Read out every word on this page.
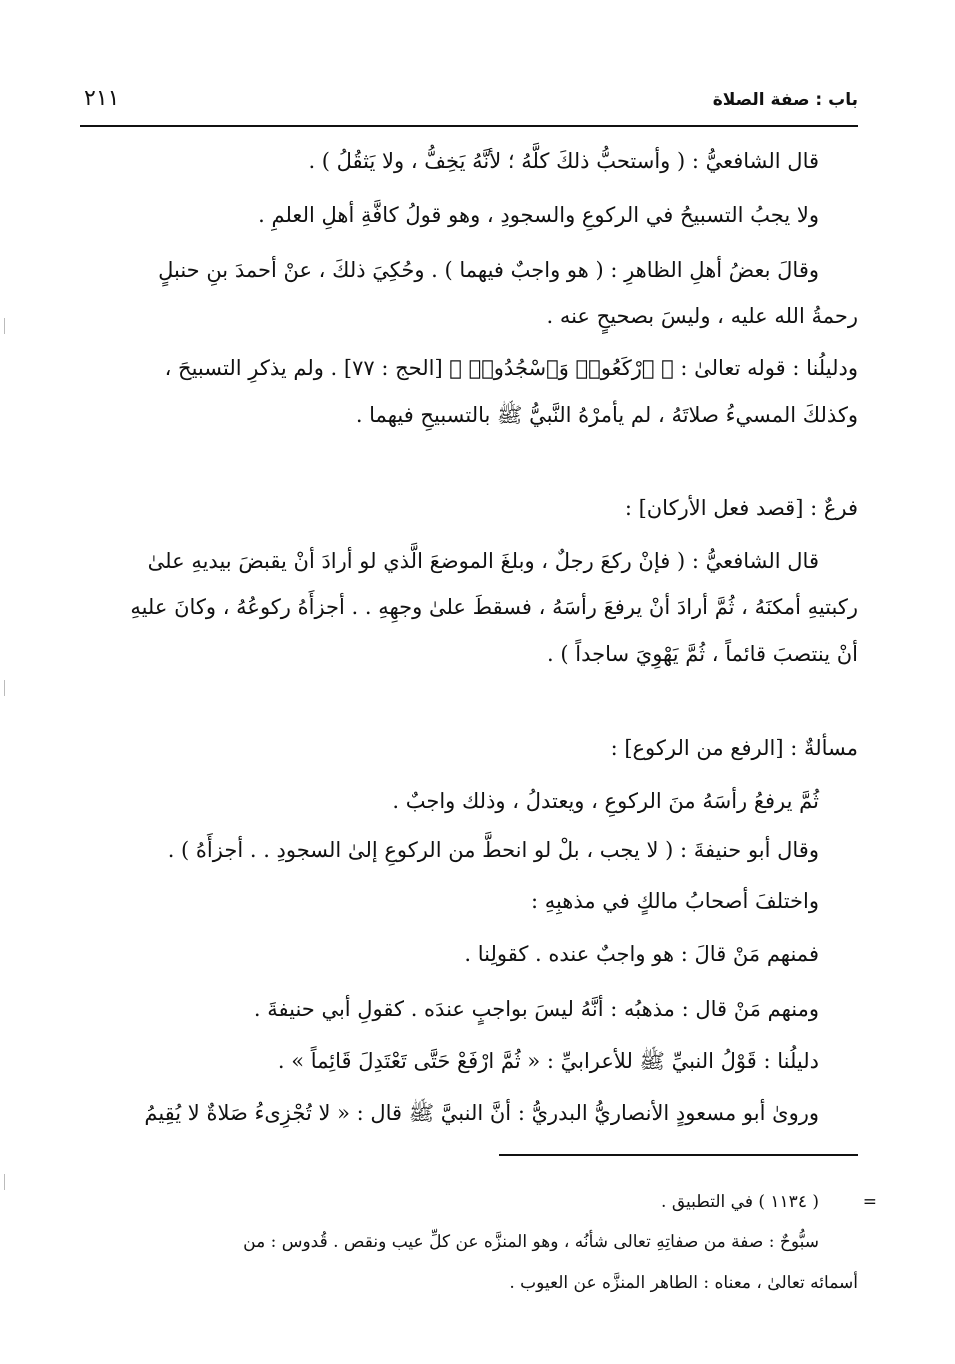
باب : صفة الصلاة
٢١١
قال الشافعيُّ : ( وأستحبُّ ذلكَ كلَّهُ ؛ لأنَّهُ يَخِفُّ ، ولا يَثقُلُ ) .
ولا يجبُ التسبيحُ في الركوعِ والسجودِ ، وهو قولُ كافَّةِ أهلِ العلمِ .
وقالَ بعضُ أهلِ الظاهرِ : ( هو واجبٌ فيهما ) . وحُكِيَ ذلكَ ، عنْ أحمدَ بنِ حنبلٍ
رحمةُ الله عليه ، وليسَ بصحيحٍ عنه .
ودليلُنا : قوله تعالىٰ : ﴿ ٱرْكَعُوا۟ وَٱسْجُدُوا۟ ﴾ [الحج : ٧٧] . ولم يذكرِ التسبيحَ ،
وكذلكَ المسيءُ صلاتَهُ ، لم يأمرْهُ النَّبيُّ ﷺ بالتسبيحِ فيهما .
فرعٌ : [قصد فعل الأركان] :
قال الشافعيُّ : ( فإنْ ركعَ رجلٌ ، وبلغَ الموضعَ الَّذي لو أرادَ أنْ يقبضَ بيديهِ علىٰ
ركبتيهِ أمكنَهُ ، ثُمَّ أرادَ أنْ يرفعَ رأسَهُ ، فسقطَ علىٰ وجهِهِ . . أجزأَهُ ركوعُهُ ، وكانَ عليهِ
أنْ ينتصبَ قائماً ، ثُمَّ يَهْوِيَ ساجداً ) .
مسألةٌ : [الرفع من الركوع] :
ثُمَّ يرفعُ رأسَهُ منَ الركوعِ ، ويعتدلُ ، وذلك واجبٌ .
وقال أبو حنيفةَ : ( لا يجب ، بلْ لو انحطَّ من الركوعِ إلىٰ السجودِ . . أجزأَهُ ) .
واختلفَ أصحابُ مالكٍ في مذهبِهِ :
فمنهم مَنْ قالَ : هو واجبٌ عنده . كقولِنا .
ومنهم مَنْ قال : مذهبُه : أنَّهُ ليسَ بواجبٍ عندَه . كقولِ أبي حنيفةَ .
دليلُنا : قَوْلُ النبيِّ ﷺ للأعرابيِّ : « ثُمَّ ارْفَعْ حَتَّى تَعْتَدِلَ قَائِماً » .
ورویٰ أبو مسعودٍ الأنصاريُّ البدريُّ : أنَّ النبيَّ ﷺ قال : « لا تُجْزِىءُ صَلاةٌ لا يُقِيمُ
=
( ١١٣٤ ) في التطبيق .
سبُّوحٌ : صفة من صفاتِهِ تعالى شأنُه ، وهو المنزَّه عن كلِّ عيب ونقص . قُدوس : من
أسمائه تعالىٰ ، معناه : الطاهر المنزَّه عن العيوب .
